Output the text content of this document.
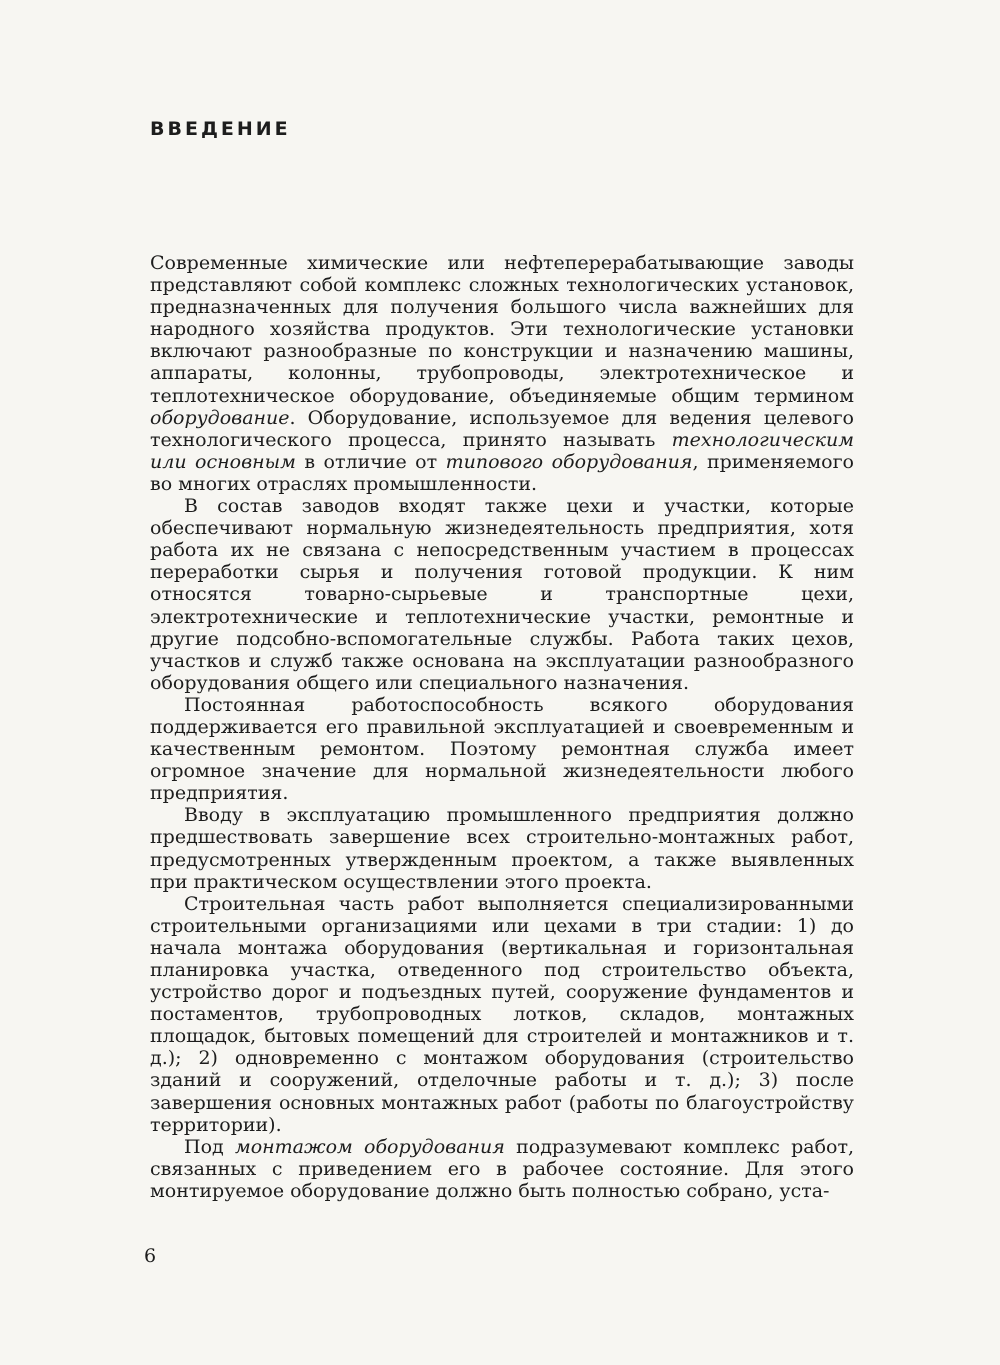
ВВЕДЕНИЕ

Современные химические или нефтеперерабатывающие заводы представляют собой комплекс сложных технологических установок, предназначенных для получения большого числа важнейших для народного хозяйства продуктов. Эти технологические установки включают разнообразные по конструкции и назначению машины, аппараты, колонны, трубопроводы, электротехническое и теплотехническое оборудование, объединяемые общим термином оборудование. Оборудование, используемое для ведения целевого технологического процесса, принято называть технологическим или основным в отличие от типового оборудования, применяемого во многих отраслях промышленности.

В состав заводов входят также цехи и участки, которые обеспечивают нормальную жизнедеятельность предприятия, хотя работа их не связана с непосредственным участием в процессах переработки сырья и получения готовой продукции. К ним относятся товарно-сырьевые и транспортные цехи, электротехнические и теплотехнические участки, ремонтные и другие подсобно-вспомогательные службы. Работа таких цехов, участков и служб также основана на эксплуатации разнообразного оборудования общего или специального назначения.

Постоянная работоспособность всякого оборудования поддерживается его правильной эксплуатацией и своевременным и качественным ремонтом. Поэтому ремонтная служба имеет огромное значение для нормальной жизнедеятельности любого предприятия.

Вводу в эксплуатацию промышленного предприятия должно предшествовать завершение всех строительно-монтажных работ, предусмотренных утвержденным проектом, а также выявленных при практическом осуществлении этого проекта.

Строительная часть работ выполняется специализированными строительными организациями или цехами в три стадии: 1) до начала монтажа оборудования (вертикальная и горизонтальная планировка участка, отведенного под строительство объекта, устройство дорог и подъездных путей, сооружение фундаментов и постаментов, трубопроводных лотков, складов, монтажных площадок, бытовых помещений для строителей и монтажников и т. д.); 2) одновременно с монтажом оборудования (строительство зданий и сооружений, отделочные работы и т. д.); 3) после завершения основных монтажных работ (работы по благоустройству территории).

Под монтажом оборудования подразумевают комплекс работ, связанных с приведением его в рабочее состояние. Для этого монтируемое оборудование должно быть полностью собрано, уста-

6
